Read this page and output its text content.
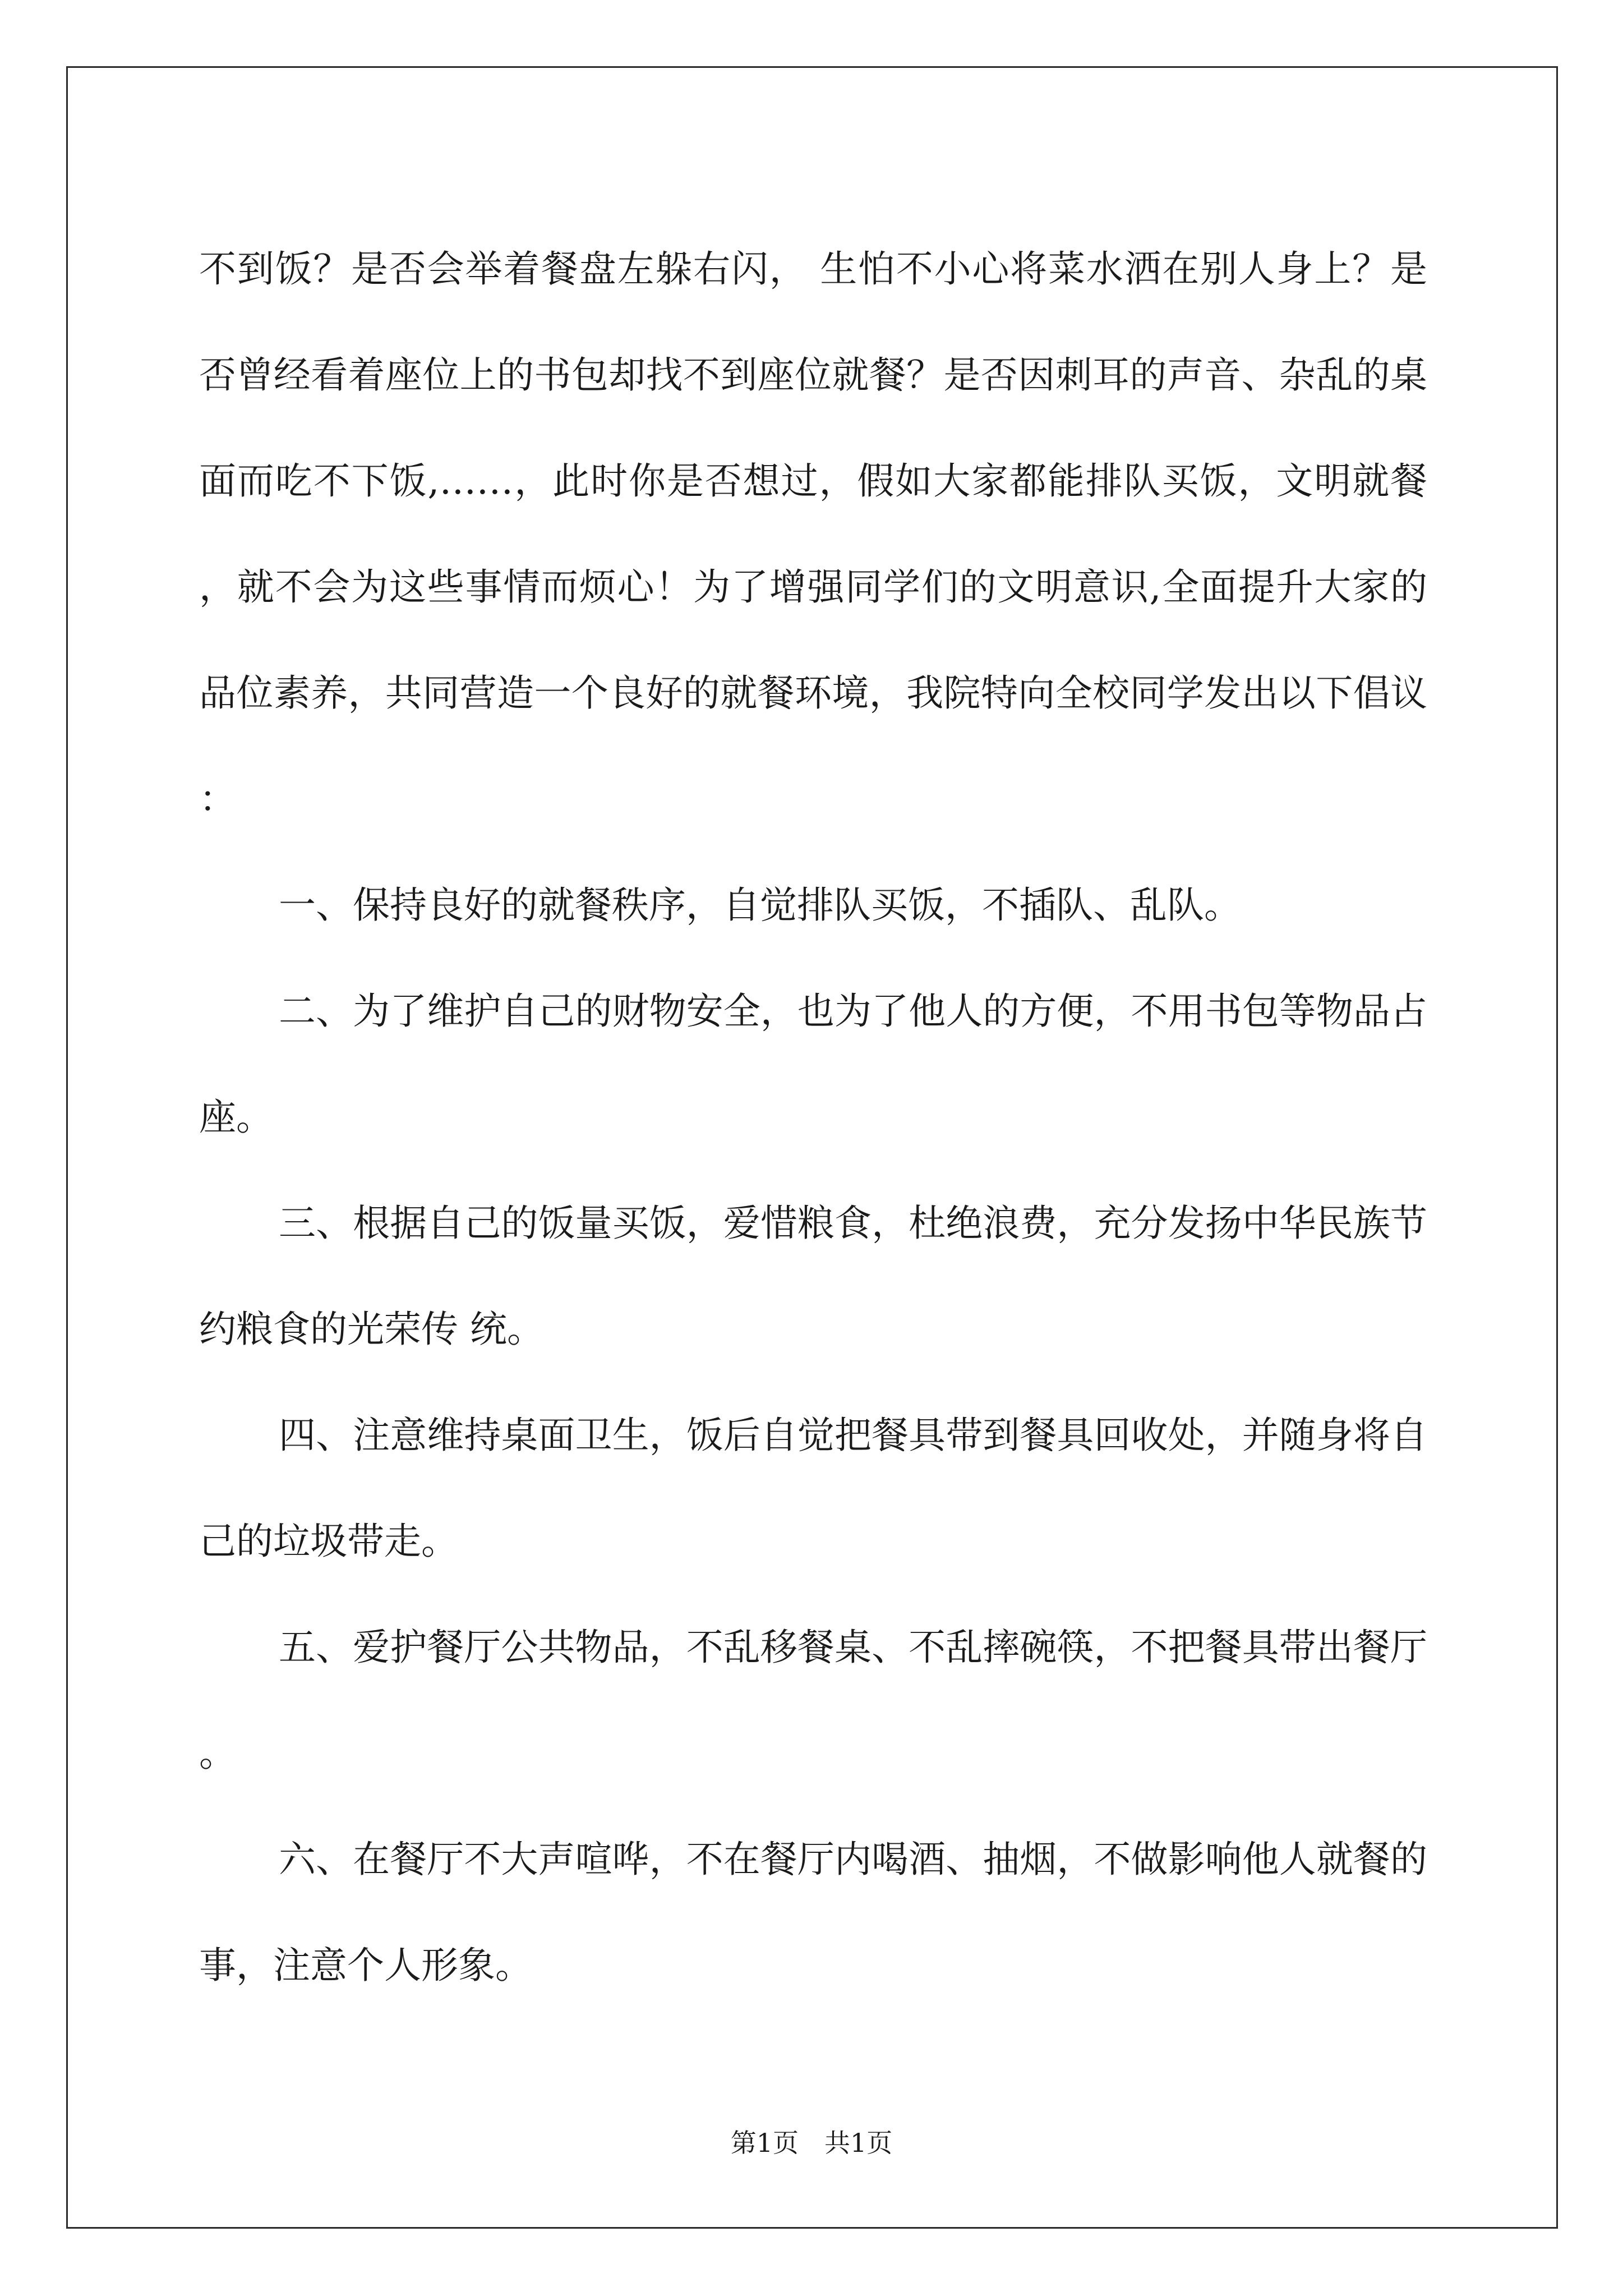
不到饭？是否会举着餐盘左躲右闪， 生怕不小心将菜水洒在别人身上？是否曾经看着座位上的书包却找不到座位就餐？是否因刺耳的声音、杂乱的桌面而吃不下饭,……，此时你是否想过，假如大家都能排队买饭，文明就餐，就不会为这些事情而烦心！为了增强同学们的文明意识,全面提升大家的品位素养，共同营造一个良好的就餐环境，我院特向全校同学发出以下倡议：

一、保持良好的就餐秩序，自觉排队买饭，不插队、乱队。

二、为了维护自己的财物安全，也为了他人的方便，不用书包等物品占座。

三、根据自己的饭量买饭，爱惜粮食，杜绝浪费，充分发扬中华民族节约粮食的光荣传 统。

四、注意维持桌面卫生，饭后自觉把餐具带到餐具回收处，并随身将自己的垃圾带走。

五、爱护餐厅公共物品，不乱移餐桌、不乱摔碗筷，不把餐具带出餐厅。

六、在餐厅不大声喧哗，不在餐厅内喝酒、抽烟，不做影响他人就餐的事，注意个人形象。

第1页　共1页
